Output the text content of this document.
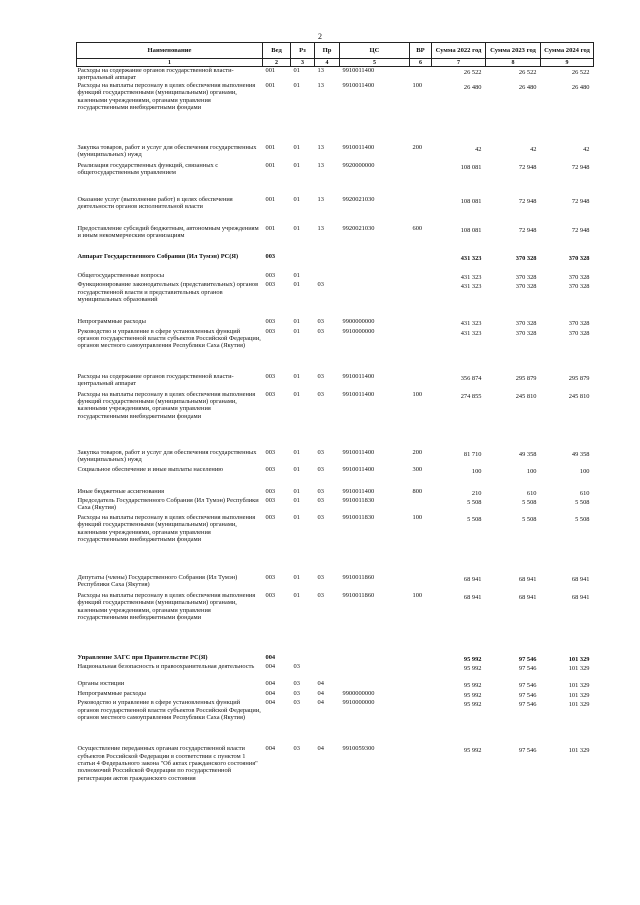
2
Наименование	Вед	Рз	Пр	ЦС	ВР	Сумма 2022 год	Сумма 2023 год	Сумма 2024 год
1	2	3	4	5	6	7	8	9
Расходы на содержание органов государственной власти- центральный аппарат	001	01	13	9910011400		26 522	26 522	26 522
Расходы на выплаты персоналу в целях обеспечения выполнения функций государственными (муниципальными) органами, казенными учреждениями, органами управления государственными внебюджетными фондами	001	01	13	9910011400	100	26 480	26 480	26 480
Закупка товаров, работ и услуг для обеспечения государственных (муниципальных) нужд	001	01	13	9910011400	200	42	42	42
Реализация государственных функций, связанных с общегосударственным управлением	001	01	13	9920000000		108 081	72 948	72 948
Оказание услуг (выполнение работ) в целях обеспечения деятельности органов исполнительной власти	001	01	13	9920021030		108 081	72 948	72 948
Предоставление субсидий бюджетным, автономным учреждениям и иным некоммерческим организациям	001	01	13	9920021030	600	108 081	72 948	72 948
Аппарат Государственного Собрания (Ил Тумэн) РС(Я)	003					431 323	370 328	370 328
Общегосударственные вопросы	003	01				431 323	370 328	370 328
Функционирование законодательных (представительных) органов государственной власти и представительных органов муниципальных образований	003	01	03			431 323	370 328	370 328
Непрограммные расходы	003	01	03	9900000000		431 323	370 328	370 328
Руководство и управление в сфере установленных функций органов государственной власти субъектов Российской Федерации, органов местного самоуправления Республики Саха (Якутия)	003	01	03	9910000000		431 323	370 328	370 328
Расходы на содержание органов государственной власти- центральный аппарат	003	01	03	9910011400		356 874	295 879	295 879
Расходы на выплаты персоналу в целях обеспечения выполнения функций государственными (муниципальными) органами, казенными учреждениями, органами управления государственными внебюджетными фондами	003	01	03	9910011400	100	274 855	245 810	245 810
Закупка товаров, работ и услуг для обеспечения государственных (муниципальных) нужд	003	01	03	9910011400	200	81 710	49 358	49 358
Социальное обеспечение и иные выплаты населению	003	01	03	9910011400	300	100	100	100
Иные бюджетные ассигнования	003	01	03	9910011400	800	210	610	610
Председатель Государственного Собрания (Ил Тумэн) Республики Саха (Якутия)	003	01	03	9910011830		5 508	5 508	5 508
Расходы на выплаты персоналу в целях обеспечения выполнения функций государственными (муниципальными) органами, казенными учреждениями, органами управления государственными внебюджетными фондами	003	01	03	9910011830	100	5 508	5 508	5 508
Депутаты (члены) Государственного Собрания (Ил Тумэн) Республики Саха (Якутия)	003	01	03	9910011860		68 941	68 941	68 941
Расходы на выплаты персоналу в целях обеспечения выполнения функций государственными (муниципальными) органами, казенными учреждениями, органами управления государственными внебюджетными фондами	003	01	03	9910011860	100	68 941	68 941	68 941
Управление ЗАГС при Правительстве РС(Я)	004					95 992	97 546	101 329
Национальная безопасность и правоохранительная деятельность	004	03				95 992	97 546	101 329
Органы юстиции	004	03	04			95 992	97 546	101 329
Непрограммные расходы	004	03	04	9900000000		95 992	97 546	101 329
Руководство и управление в сфере установленных функций органов государственной власти субъектов Российской Федерации, органов местного самоуправления Республики Саха (Якутия)	004	03	04	9910000000		95 992	97 546	101 329
Осуществление переданных органам государственной власти субъектов Российской Федерации в соответствии с пунктом 1 статьи 4 Федерального закона "Об актах гражданского состояния" полномочий Российской Федерации по государственной регистрации актов гражданского состояния	004	03	04	9910059300		95 992	97 546	101 329
